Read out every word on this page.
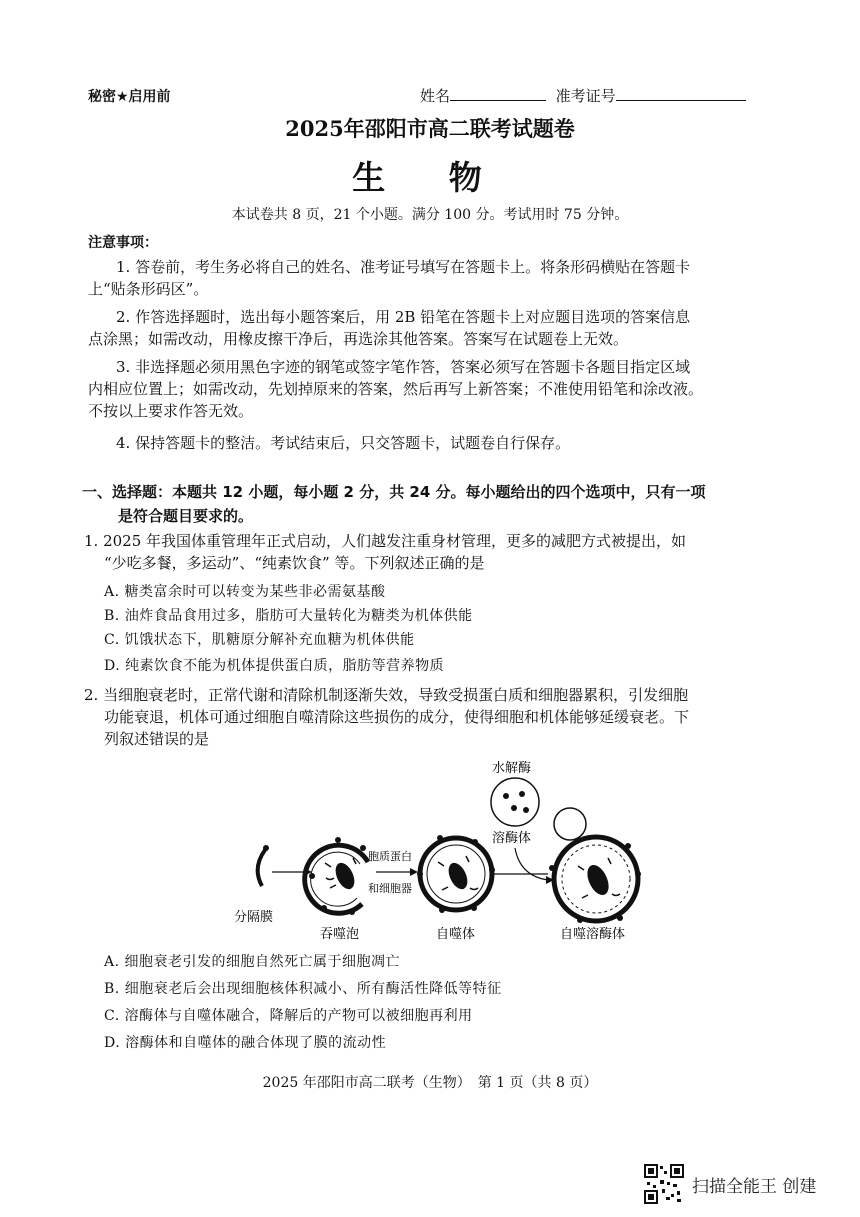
秘密★启用前	姓名	准考证号
2025年邵阳市高二联考试题卷
生 物
本试卷共 8 页，21 个小题。满分 100 分。考试用时 75 分钟。
注意事项：
1. 答卷前，考生务必将自己的姓名、准考证号填写在答题卡上。将条形码横贴在答题卡
上“贴条形码区”。
2. 作答选择题时，选出每小题答案后，用 2B 铅笔在答题卡上对应题目选项的答案信息
点涂黑；如需改动，用橡皮擦干净后，再选涂其他答案。答案写在试题卷上无效。
3. 非选择题必须用黑色字迹的钢笔或签字笔作答，答案必须写在答题卡各题目指定区域
内相应位置上；如需改动，先划掉原来的答案，然后再写上新答案；不准使用铅笔和涂改液。
不按以上要求作答无效。
4. 保持答题卡的整洁。考试结束后，只交答题卡，试题卷自行保存。
一、选择题：本题共 12 小题，每小题 2 分，共 24 分。每小题给出的四个选项中，只有一项
是符合题目要求的。
1. 2025 年我国体重管理年正式启动，人们越发注重身材管理，更多的减肥方式被提出，如
“少吃多餐，多运动”、“纯素饮食” 等。下列叙述正确的是
A. 糖类富余时可以转变为某些非必需氨基酸
B. 油炸食品食用过多，脂肪可大量转化为糖类为机体供能
C. 饥饿状态下，肌糖原分解补充血糖为机体供能
D. 纯素饮食不能为机体提供蛋白质，脂肪等营养物质
2. 当细胞衰老时，正常代谢和清除机制逐渐失效，导致受损蛋白质和细胞器累积，引发细胞
功能衰退，机体可通过细胞自噬清除这些损伤的成分，使得细胞和机体能够延缓衰老。下
列叙述错误的是
分隔膜
吞噬泡
胞质蛋白
和细胞器
自噬体
水解酶
溶酶体
自噬溶酶体
A. 细胞衰老引发的细胞自然死亡属于细胞凋亡
B. 细胞衰老后会出现细胞核体积减小、所有酶活性降低等特征
C. 溶酶体与自噬体融合，降解后的产物可以被细胞再利用
D. 溶酶体和自噬体的融合体现了膜的流动性
2025 年邵阳市高二联考（生物）　第 1 页（共 8 页）
扫描全能王 创建
